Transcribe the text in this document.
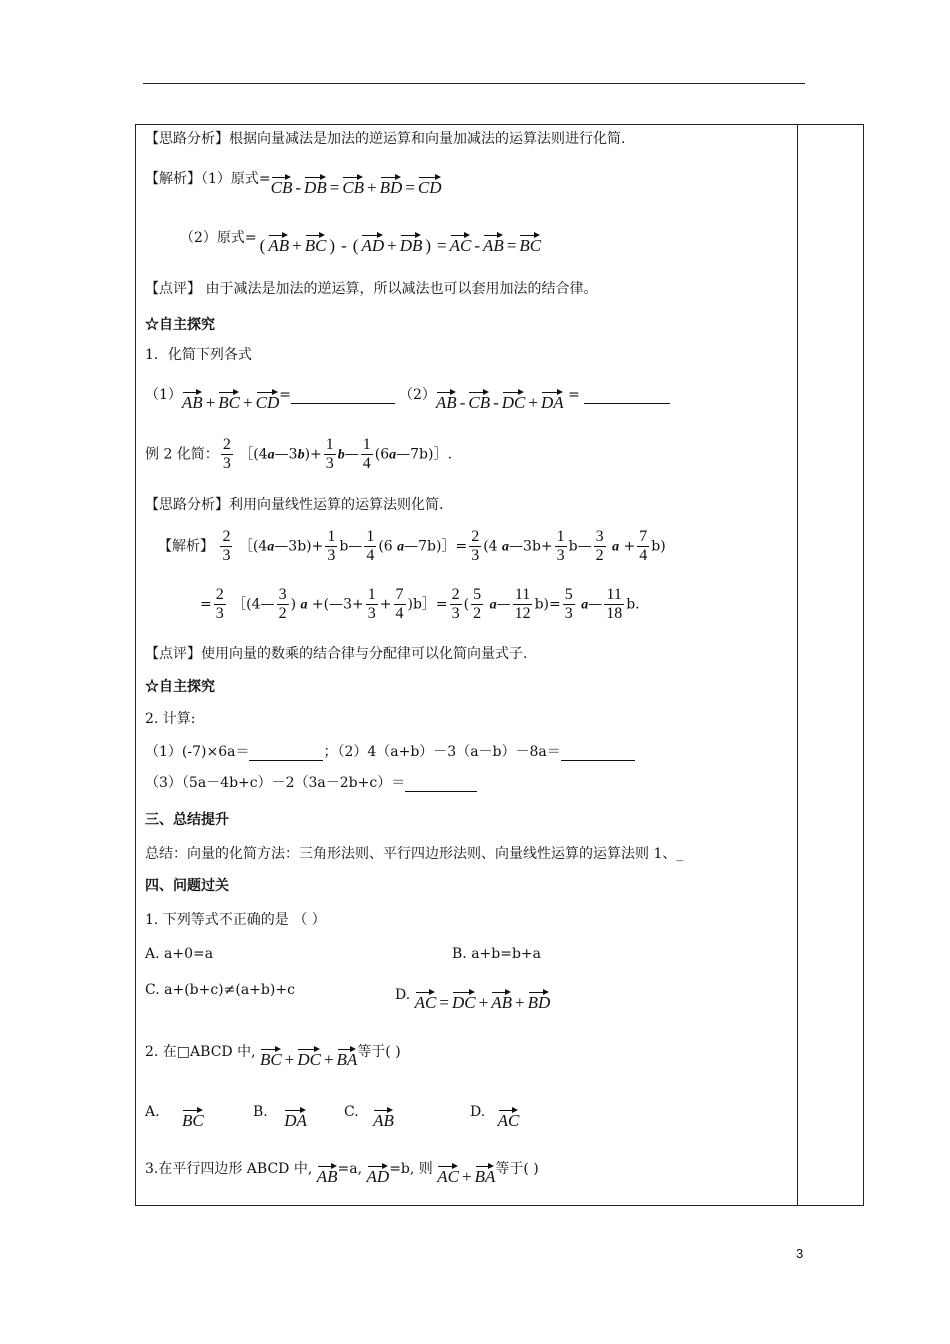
【思路分析】根据向量减法是加法的逆运算和向量加减法的运算法则进行化简.
【解析】（1）原式=CB - DB = CB + BD = CD
（2）原式= ( AB + BC ) - ( AD + DB ) = AC - AB = BC
【点评】 由于减法是加法的逆运算，所以减法也可以套用加法的结合律。
☆自主探究
1．化简下列各式
（1）AB + BC + CD=	（2）AB - CB - DC + DA =
例 2 化简： $\frac{2}{3}$ ［(4a—3b)+ $\frac{1}{3}$ b— $\frac{1}{4}$ (6a—7b)］.
【思路分析】利用向量线性运算的运算法则化简.
【解析】 $\frac{2}{3}$ ［(4a—3b)+ $\frac{1}{3}$ b— $\frac{1}{4} (6$ a—7b)］= $\frac{2}{3} (4$ a—3b+ $\frac{1}{3}$ b— $\frac{3}{2}$ $a + \frac{7}{4} b$)
= $\frac{2}{3}$ ［(4— $\frac{3}{2}$ ) a +(—3+ $\frac{1}{3} + \frac{7}{4}$ )b］= $\frac{2}{3}$ ( $\frac{5}{2}$ a— $\frac{11}{12} b)= \frac{5}{3}$ a— $\frac{11}{18} b$.
【点评】使用向量的数乘的结合律与分配律可以化简向量式子.
☆自主探究
2. 计算:
（1）(-7)×6a＝	；（2）4（a+b）－3（a－b）－8a＝
（3）（5a－4b+c）－2（3a－2b+c）＝
三、总结提升
总结：向量的化简方法：三角形法则、平行四边形法则、向量线性运算的运算法则 1、_
四、问题过关
1. 下列等式不正确的是 （ ）
A. a+0=a	B. a+b=b+a
C. a+(b+c)≠(a+b)+c	D. AC = DC + AB + BD
2. 在□ABCD 中, BC + DC + BA等于( )
A. BC	B. DA	C. AB	D. AC
3.在平行四边形 ABCD 中, AB=a, AD=b, 则 AC + BA等于( )
3
